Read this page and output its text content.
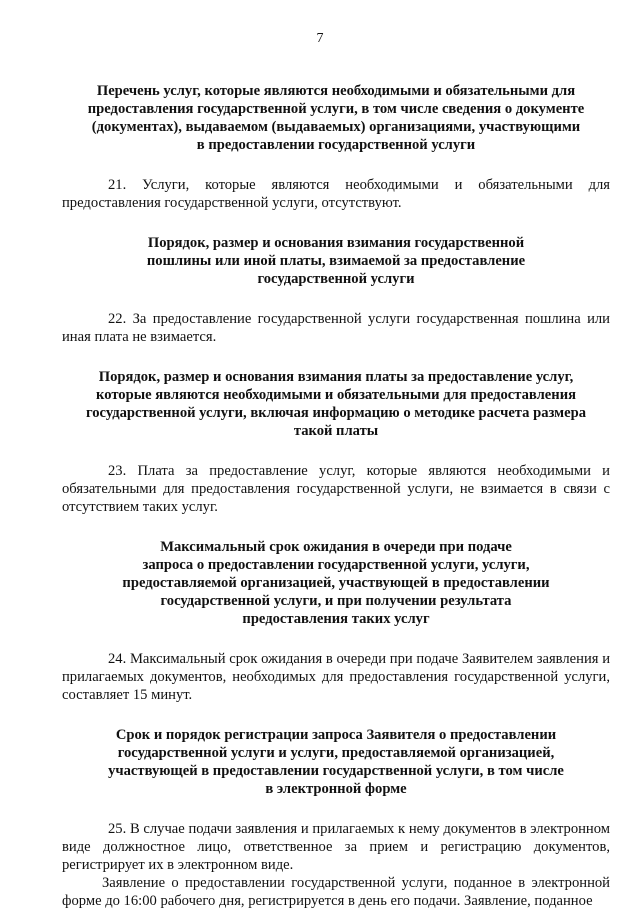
7
Перечень услуг, которые являются необходимыми и обязательными для
предоставления государственной услуги, в том числе сведения о документе
(документах), выдаваемом (выдаваемых) организациями, участвующими
в предоставлении государственной услуги

21. Услуги, которые являются необходимыми и обязательными для предоставления государственной услуги, отсутствуют.

Порядок, размер и основания взимания государственной
пошлины или иной платы, взимаемой за предоставление
государственной услуги

22. За предоставление государственной услуги государственная пошлина или иная плата не взимается.

Порядок, размер и основания взимания платы за предоставление услуг,
которые являются необходимыми и обязательными для предоставления
государственной услуги, включая информацию о методике расчета размера
такой платы

23. Плата за предоставление услуг, которые являются необходимыми и обязательными для предоставления государственной услуги, не взимается в связи с отсутствием таких услуг.

Максимальный срок ожидания в очереди при подаче
запроса о предоставлении государственной услуги, услуги,
предоставляемой организацией, участвующей в предоставлении
государственной услуги, и при получении результата
предоставления таких услуг

24. Максимальный срок ожидания в очереди при подаче Заявителем заявления и прилагаемых документов, необходимых для предоставления государственной услуги, составляет 15 минут.

Срок и порядок регистрации запроса Заявителя о предоставлении
государственной услуги и услуги, предоставляемой организацией,
участвующей в предоставлении государственной услуги, в том числе
в электронной форме

25. В случае подачи заявления и прилагаемых к нему документов в электронном виде должностное лицо, ответственное за прием и регистрацию документов, регистрирует их в электронном виде.

Заявление о предоставлении государственной услуги, поданное в электронной форме до 16:00 рабочего дня, регистрируется в день его подачи. Заявление, поданное
